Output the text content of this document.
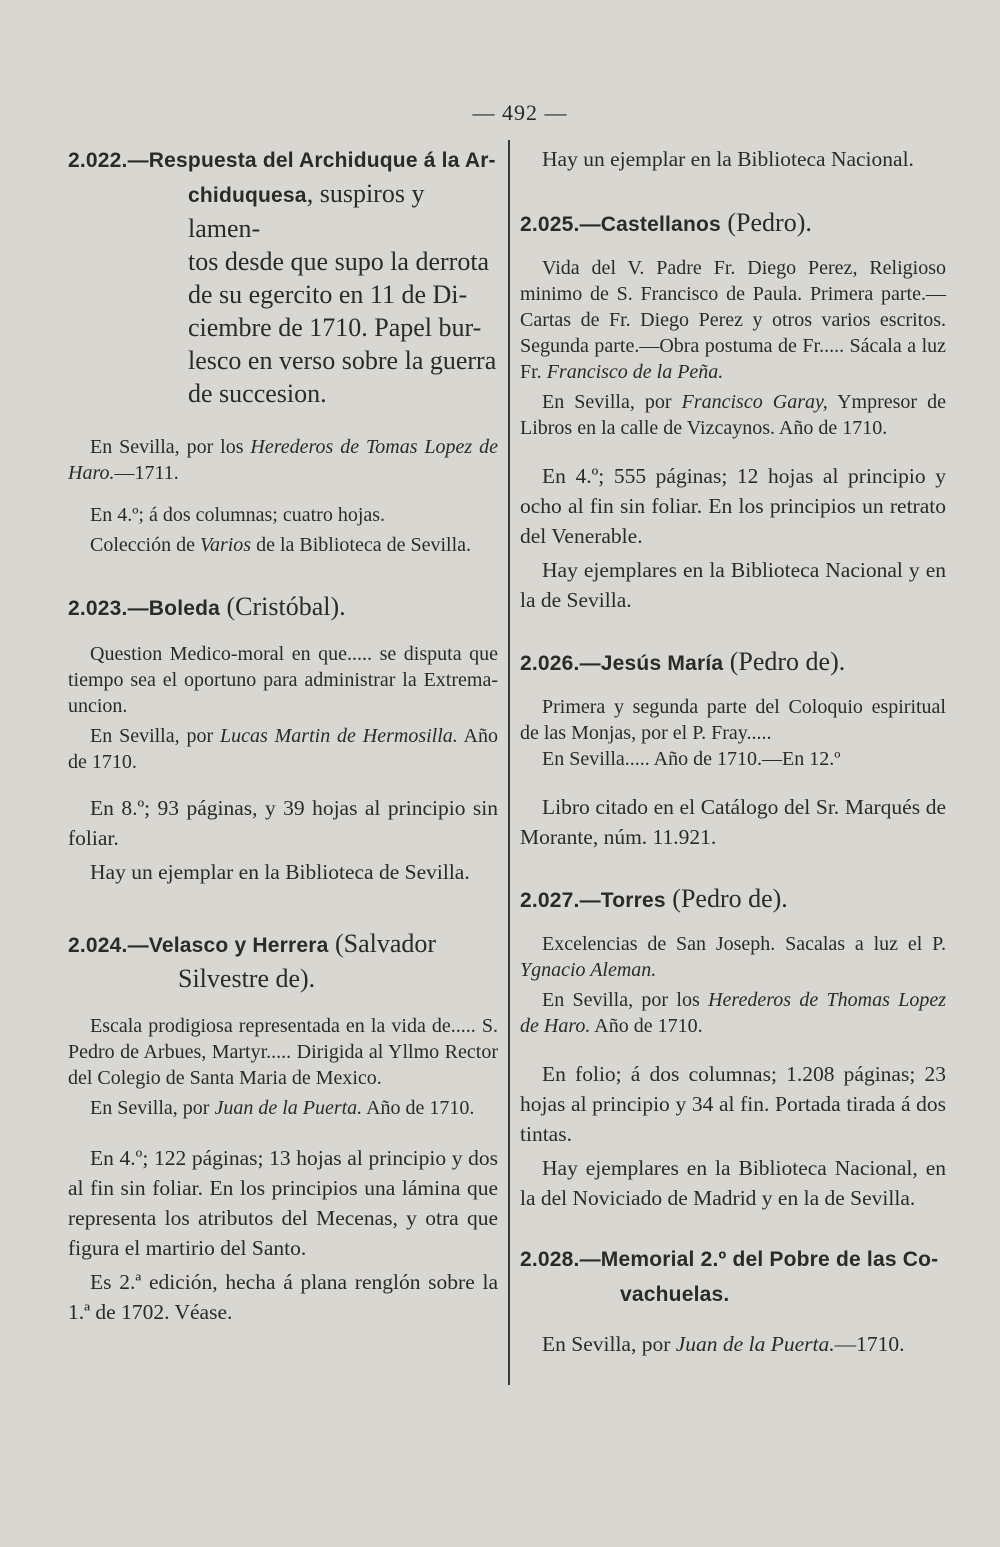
— 492 —

2.022.—Respuesta del Archiduque á la Ar-
chiduquesa, suspiros y lamen-
tos desde que supo la derrota
de su egercito en 11 de Di-
ciembre de 1710. Papel bur-
lesco en verso sobre la guerra
de succesion.

En Sevilla, por los Herederos de Tomas Lopez de Haro.—1711.

En 4.º; á dos columnas; cuatro hojas.

Colección de Varios de la Biblioteca de Sevilla.

2.023.—Boleda (Cristóbal).

Question Medico-moral en que..... se disputa que tiempo sea el oportuno para administrar la Extrema-uncion.

En Sevilla, por Lucas Martin de Hermosilla. Año de 1710.

En 8.º; 93 páginas, y 39 hojas al principio sin foliar.

Hay un ejemplar en la Biblioteca de Sevilla.

2.024.—Velasco y Herrera (Salvador
Silvestre de).

Escala prodigiosa representada en la vida de..... S. Pedro de Arbues, Martyr..... Dirigida al Yllmo Rector del Colegio de Santa Maria de Mexico.

En Sevilla, por Juan de la Puerta. Año de 1710.

En 4.º; 122 páginas; 13 hojas al principio y dos al fin sin foliar. En los principios una lámina que representa los atributos del Mecenas, y otra que figura el martirio del Santo.

Es 2.ª edición, hecha á plana renglón sobre la 1.ª de 1702. Véase.

Hay un ejemplar en la Biblioteca Nacional.

2.025.—Castellanos (Pedro).

Vida del V. Padre Fr. Diego Perez, Religioso minimo de S. Francisco de Paula. Primera parte.—Cartas de Fr. Diego Perez y otros varios escritos. Segunda parte.—Obra postuma de Fr..... Sácala a luz Fr. Francisco de la Peña.

En Sevilla, por Francisco Garay, Ympresor de Libros en la calle de Vizcaynos. Año de 1710.

En 4.º; 555 páginas; 12 hojas al principio y ocho al fin sin foliar. En los principios un retrato del Venerable.

Hay ejemplares en la Biblioteca Nacional y en la de Sevilla.

2.026.—Jesús María (Pedro de).

Primera y segunda parte del Coloquio espiritual de las Monjas, por el P. Fray.....

En Sevilla..... Año de 1710.—En 12.º

Libro citado en el Catálogo del Sr. Marqués de Morante, núm. 11.921.

2.027.—Torres (Pedro de).

Excelencias de San Joseph. Sacalas a luz el P. Ygnacio Aleman.

En Sevilla, por los Herederos de Thomas Lopez de Haro. Año de 1710.

En folio; á dos columnas; 1.208 páginas; 23 hojas al principio y 34 al fin. Portada tirada á dos tintas.

Hay ejemplares en la Biblioteca Nacional, en la del Noviciado de Madrid y en la de Sevilla.

2.028.—Memorial 2.º del Pobre de las Co-
vachuelas.

En Sevilla, por Juan de la Puerta.—1710.
